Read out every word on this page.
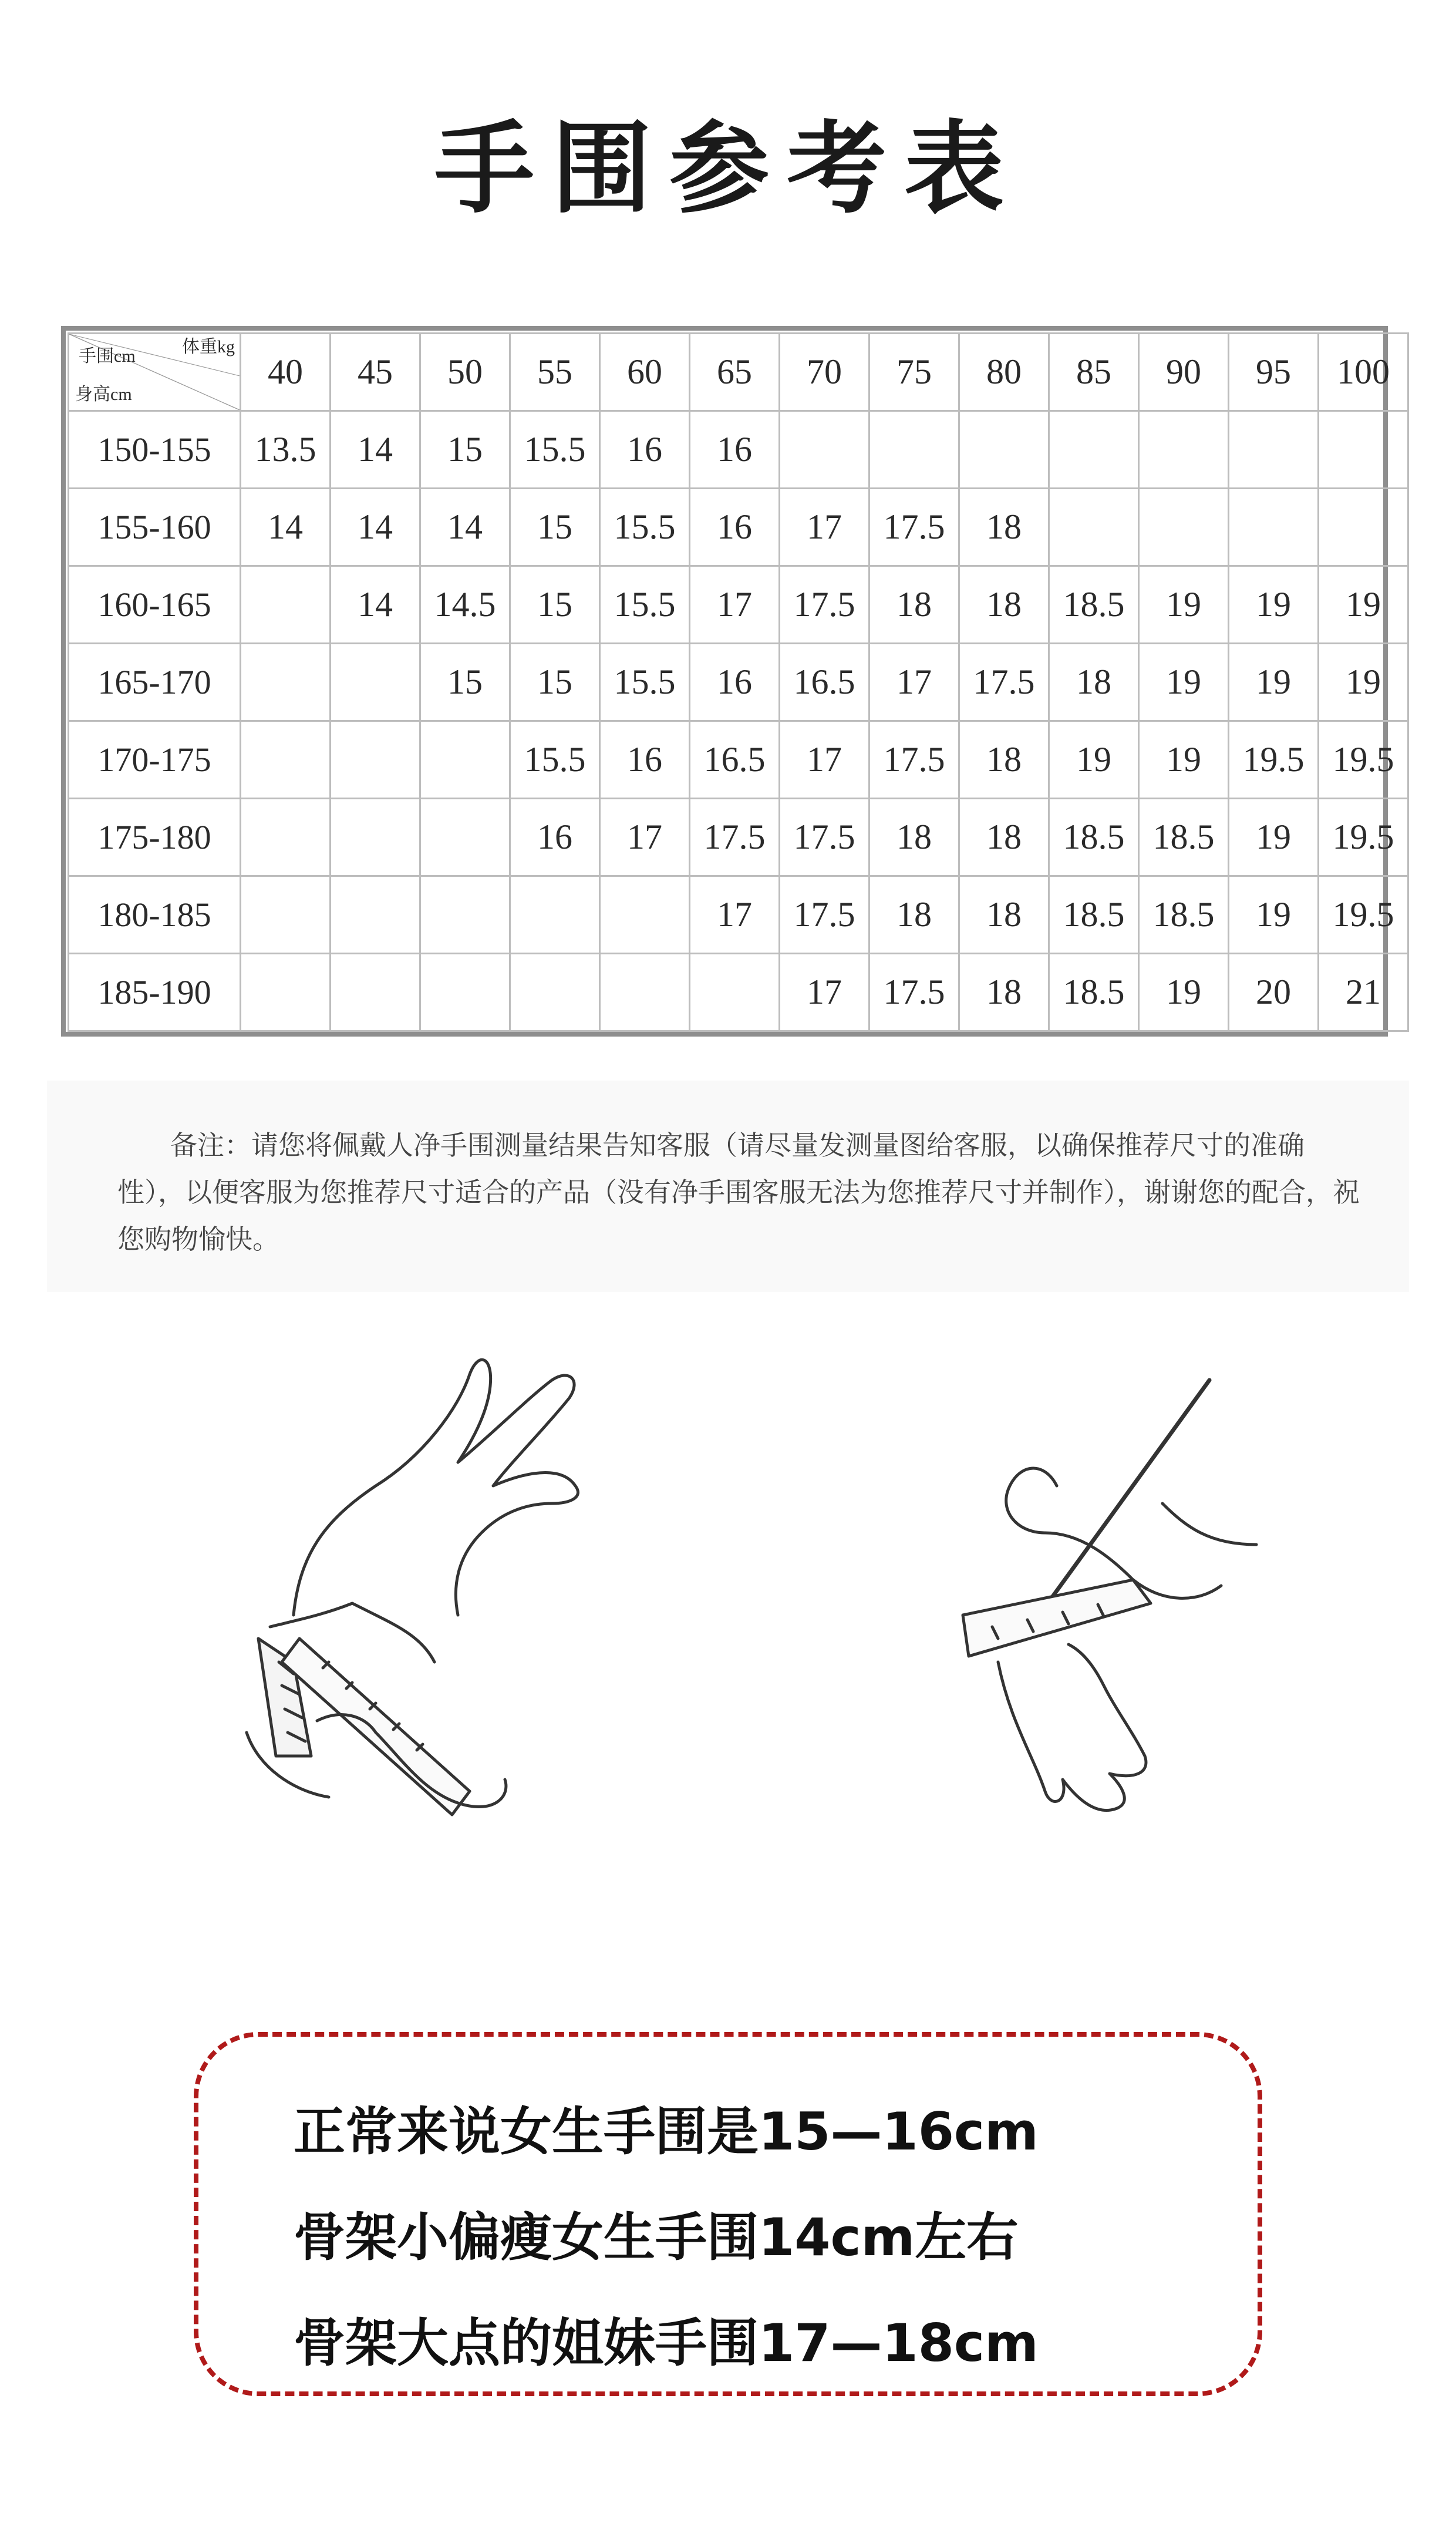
手围参考表
手围cm 体重kg
身高cm	40	45	50	55	60	65	70	75	80	85	90	95	100
150-155	13.5	14	15	15.5	16	16							
155-160	14	14	14	15	15.5	16	17	17.5	18				
160-165		14	14.5	15	15.5	17	17.5	18	18	18.5	19	19	19
165-170			15	15	15.5	16	16.5	17	17.5	18	19	19	19
170-175				15.5	16	16.5	17	17.5	18	19	19	19.5	19.5
175-180				16	17	17.5	17.5	18	18	18.5	18.5	19	19.5
180-185						17	17.5	18	18	18.5	18.5	19	19.5
185-190							17	17.5	18	18.5	19	20	21
备注：请您将佩戴人净手围测量结果告知客服（请尽量发测量图给客服，以确保推荐尺寸的准确性），以便客服为您推荐尺寸适合的产品（没有净手围客服无法为您推荐尺寸并制作），谢谢您的配合，祝您购物愉快。
正常来说女生手围是15—16cm
骨架小偏瘦女生手围14cm左右
骨架大点的姐妹手围17—18cm
